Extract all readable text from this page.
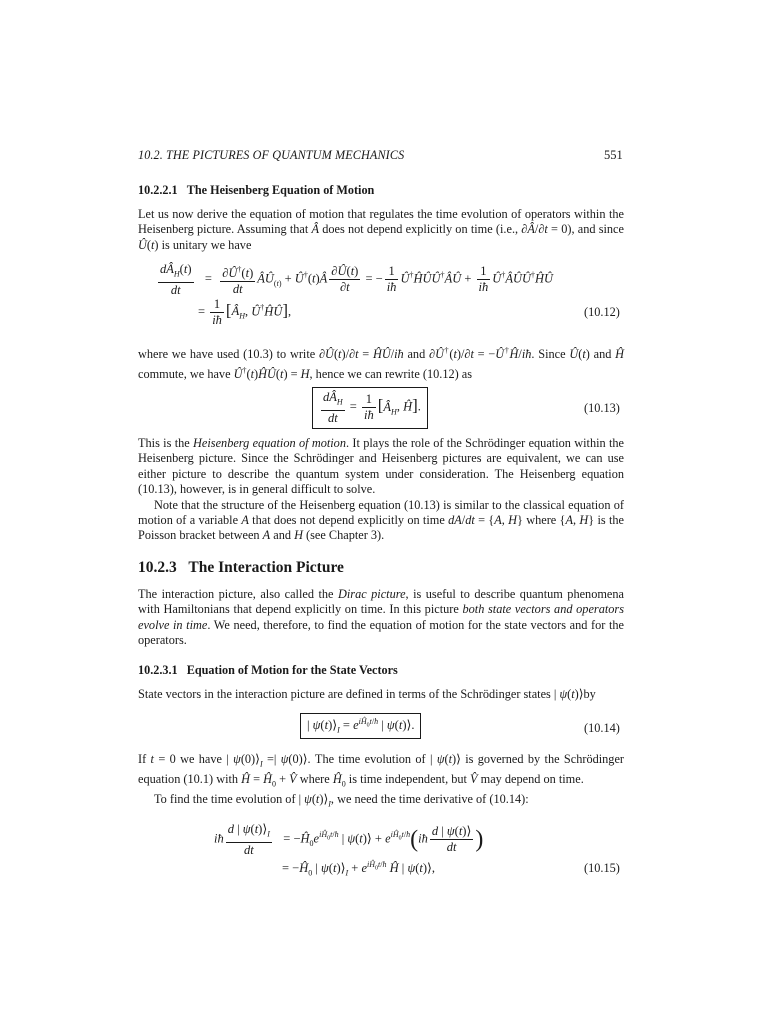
10.2. THE PICTURES OF QUANTUM MECHANICS	551
10.2.2.1 The Heisenberg Equation of Motion

Let us now derive the equation of motion that regulates the time evolution of operators within the Heisenberg picture. Assuming that Â does not depend explicitly on time (i.e., ∂Â/∂t = 0), and since Û(t) is unitary we have

$\frac{dÂ_H(t)}{dt} = \frac{\partial Û^\dagger(t)}{dt}$ $ÂÛ_{(t)}$ + Û†(t)Â $\frac{\partial Û(t)}{\partial t}$ = − $\frac{1}{iħ}$ Û†ĤÛÛ†ÂÛ + $\frac{1}{iħ}$ Û†ÂÛÛ†ĤÛ
= $\frac{1}{iħ}$ [$Â_H$, Û†ĤÛ],	(10.12)

where we have used (10.3) to write ∂Û(t)/∂t = ĤÛ/iħ and ∂Û†(t)/∂t = −Û†Ĥ/iħ. Since Û(t) and Ĥ commute, we have Û†(t)ĤÛ(t) = H, hence we can rewrite (10.12) as

$\frac{dÂ_H}{dt} = \frac{1}{iħ}$ [$Â_H$, Ĥ].	(10.13)

This is the Heisenberg equation of motion. It plays the role of the Schrödinger equation within the Heisenberg picture. Since the Schrödinger and Heisenberg pictures are equivalent, we can use either picture to describe the quantum system under consideration. The Heisenberg equation (10.13), however, is in general difficult to solve.

Note that the structure of the Heisenberg equation (10.13) is similar to the classical equation of motion of a variable A that does not depend explicitly on time dA/dt = {A, H} where {A, H} is the Poisson bracket between A and H (see Chapter 3).

10.2.3 The Interaction Picture

The interaction picture, also called the Dirac picture, is useful to describe quantum phenomena with Hamiltonians that depend explicitly on time. In this picture both state vectors and operators evolve in time. We need, therefore, to find the equation of motion for the state vectors and for the operators.

10.2.3.1 Equation of Motion for the State Vectors

State vectors in the interaction picture are defined in terms of the Schrödinger states | ψ(t)⟩by

| $\psi(t)⟩_I = e^{iĤ_0t/ħ}$ | ψ(t)⟩.	(10.14)

If t = 0 we have | $\psi(0)⟩_I$ =| ψ(0)⟩. The time evolution of | ψ(t)⟩ is governed by the Schrödinger equation (10.1) with Ĥ = $Ĥ_0$ + V̂ where $Ĥ_0$ is time independent, but V̂ may depend on time.

To find the time evolution of | $\psi(t)⟩_I$, we need the time derivative of (10.14):

iħ $\frac{d | \psi(t)⟩_I}{dt}$ = $-Ĥ_0e^{iĤ_0t/ħ}$ | ψ(t)⟩ + $e^{iĤ_0t/ħ}(iħ \frac{d | \psi(t)⟩}{dt}$ )
= $-Ĥ_0$ | $\psi(t)⟩_I + e^{iĤ_0t/ħ}$ Ĥ | ψ(t)⟩,	(10.15)
